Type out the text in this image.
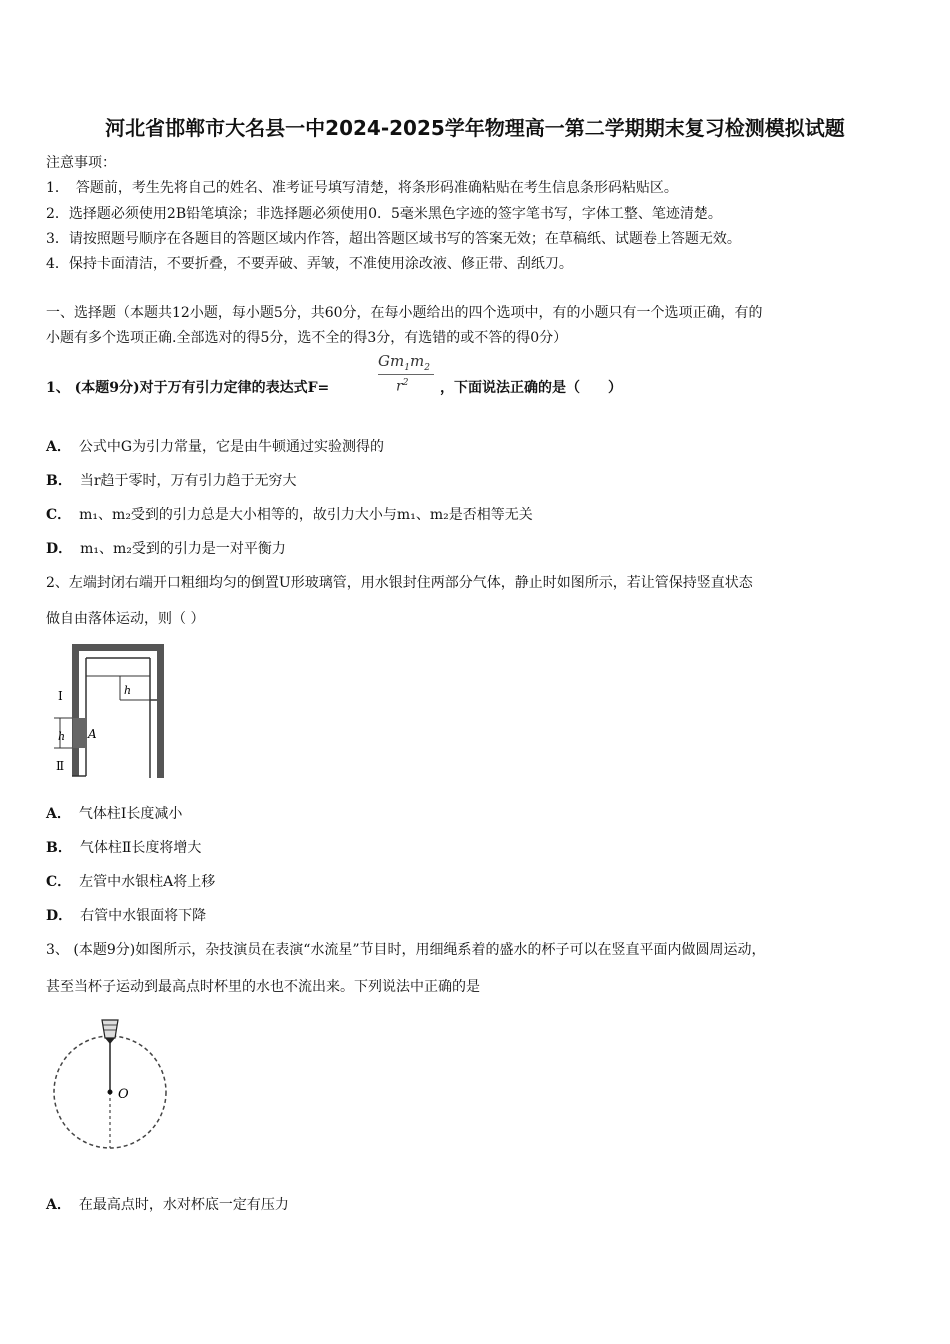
河北省邯郸市大名县一中2024-2025学年物理高一第二学期期末复习检测模拟试题
注意事项：
1．　答题前，考生先将自己的姓名、准考证号填写清楚，将条形码准确粘贴在考生信息条形码粘贴区。
2．选择题必须使用2B铅笔填涂；非选择题必须使用0．5毫米黑色字迹的签字笔书写，字体工整、笔迹清楚。
3．请按照题号顺序在各题目的答题区域内作答，超出答题区域书写的答案无效；在草稿纸、试题卷上答题无效。
4．保持卡面清洁，不要折叠，不要弄破、弄皱，不准使用涂改液、修正带、刮纸刀。
一、选择题（本题共12小题，每小题5分，共60分，在每小题给出的四个选项中，有的小题只有一个选项正确，有的
小题有多个选项正确.全部选对的得5分，选不全的得3分，有选错的或不答的得0分）
1、 (本题9分)对于万有引力定律的表达式F=
$Gm_1m_2$
$r^2$ ，下面说法正确的是（　　）
A． 公式中G为引力常量，它是由牛顿通过实验测得的
B． 当r趋于零时，万有引力趋于无穷大
C． m₁、m₂受到的引力总是大小相等的，故引力大小与m₁、m₂是否相等无关
D． m₁、m₂受到的引力是一对平衡力
2、左端封闭右端开口粗细均匀的倒置U形玻璃管，用水银封住两部分气体，静止时如图所示，若让管保持竖直状态
做自由落体运动，则（ ）
h
h
I
Ⅱ
A
A． 气体柱Ⅰ长度减小
B． 气体柱Ⅱ长度将增大
C． 左管中水银柱A将上移
D． 右管中水银面将下降
3、 (本题9分)如图所示，杂技演员在表演“水流星”节目时，用细绳系着的盛水的杯子可以在竖直平面内做圆周运动，
甚至当杯子运动到最高点时杯里的水也不流出来。下列说法中正确的是
O
A． 在最高点时，水对杯底一定有压力
